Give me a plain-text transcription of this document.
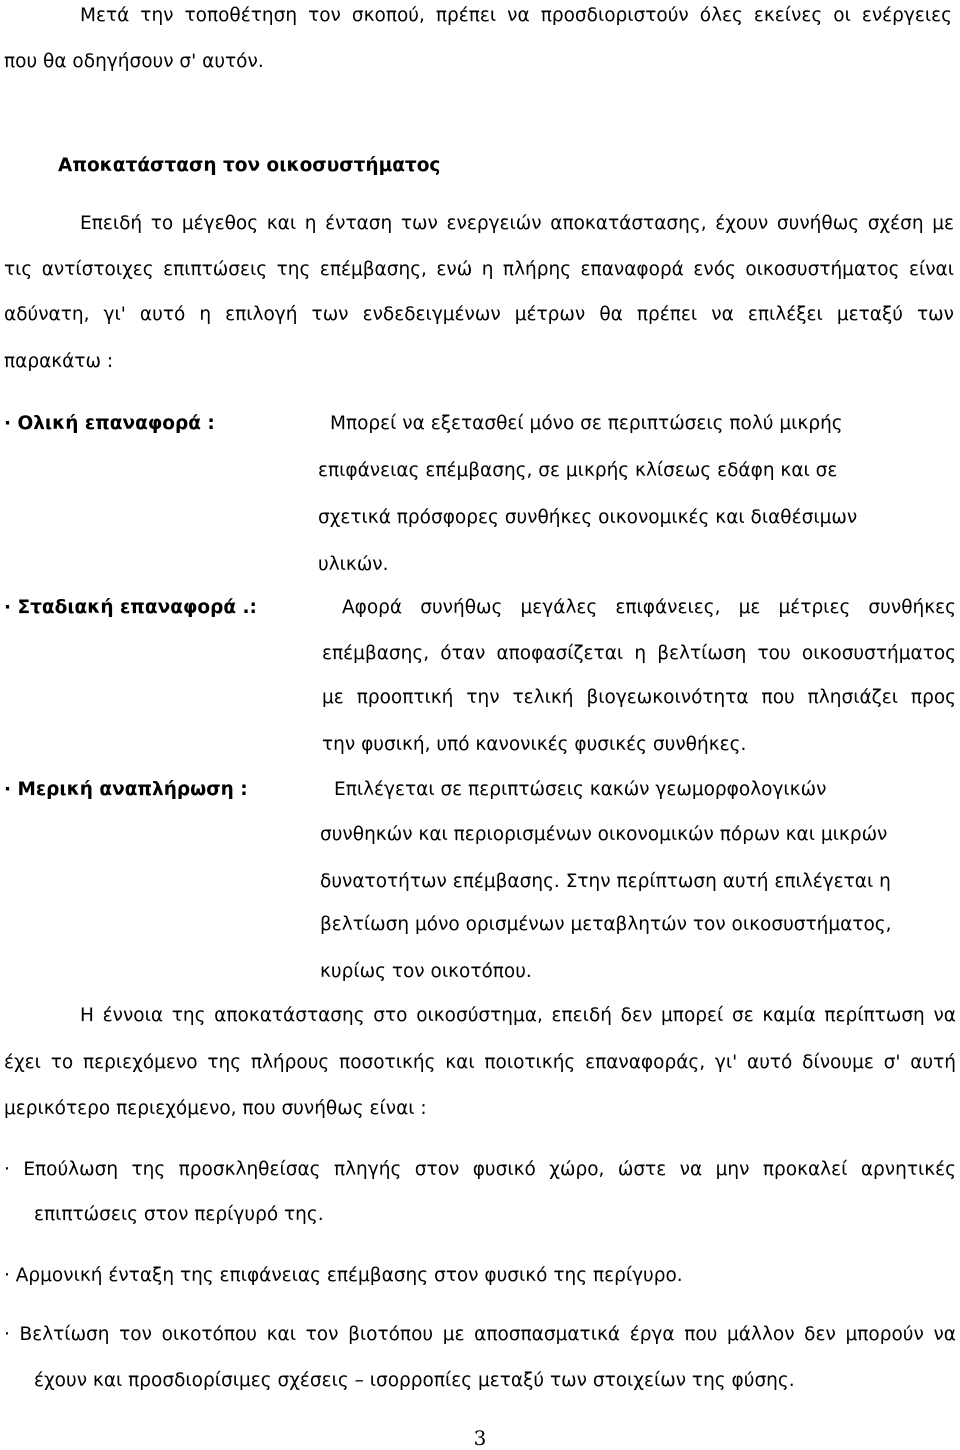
Μετά την τοποθέτηση τον σκοπού, πρέπει να προσδιοριστούν όλες εκείνες οι ενέργειες
που θα οδηγήσουν σ' αυτόν.
Αποκατάσταση τον οικοσυστήματος
Επειδή το μέγεθος και η ένταση των ενεργειών αποκατάστασης, έχουν συνήθως σχέση με
τις αντίστοιχες επιπτώσεις της επέμβασης, ενώ η πλήρης επαναφορά ενός οικοσυστήματος είναι
αδύνατη, γι' αυτό η επιλογή των ενδεδειγμένων μέτρων θα πρέπει να επιλέξει μεταξύ των
παρακάτω :
· Ολική επαναφορά :	Μπορεί να εξετασθεί μόνο σε περιπτώσεις πολύ μικρής
επιφάνειας επέμβασης, σε μικρής κλίσεως εδάφη και σε
σχετικά πρόσφορες συνθήκες οικονομικές και διαθέσιμων
υλικών.
· Σταδιακή επαναφορά .:	Αφορά συνήθως μεγάλες επιφάνειες, με μέτριες συνθήκες
επέμβασης, όταν αποφασίζεται η βελτίωση του οικοσυστήματος
με προοπτική την τελική βιογεωκοινότητα που πλησιάζει προς
την φυσική, υπό κανονικές φυσικές συνθήκες.
· Μερική αναπλήρωση :	Επιλέγεται σε περιπτώσεις κακών γεωμορφολογικών
συνθηκών και περιορισμένων οικονομικών πόρων και μικρών
δυνατοτήτων επέμβασης. Στην περίπτωση αυτή επιλέγεται η
βελτίωση μόνο ορισμένων μεταβλητών τον οικοσυστήματος,
κυρίως τον οικοτόπου.
Η έννοια της αποκατάστασης στο οικοσύστημα, επειδή δεν μπορεί σε καμία περίπτωση να
έχει το περιεχόμενο της πλήρους ποσοτικής και ποιοτικής επαναφοράς, γι' αυτό δίνουμε σ' αυτή
μερικότερο περιεχόμενο, που συνήθως είναι :
· Επούλωση της προσκληθείσας πληγής στον φυσικό χώρο, ώστε να μην προκαλεί αρνητικές
επιπτώσεις στον περίγυρό της.
· Αρμονική ένταξη της επιφάνειας επέμβασης στον φυσικό της περίγυρο.
· Βελτίωση τον οικοτόπου και τον βιοτόπου με αποσπασματικά έργα που μάλλον δεν μπορούν να
έχουν και προσδιορίσιμες σχέσεις – ισορροπίες μεταξύ των στοιχείων της φύσης.
3
